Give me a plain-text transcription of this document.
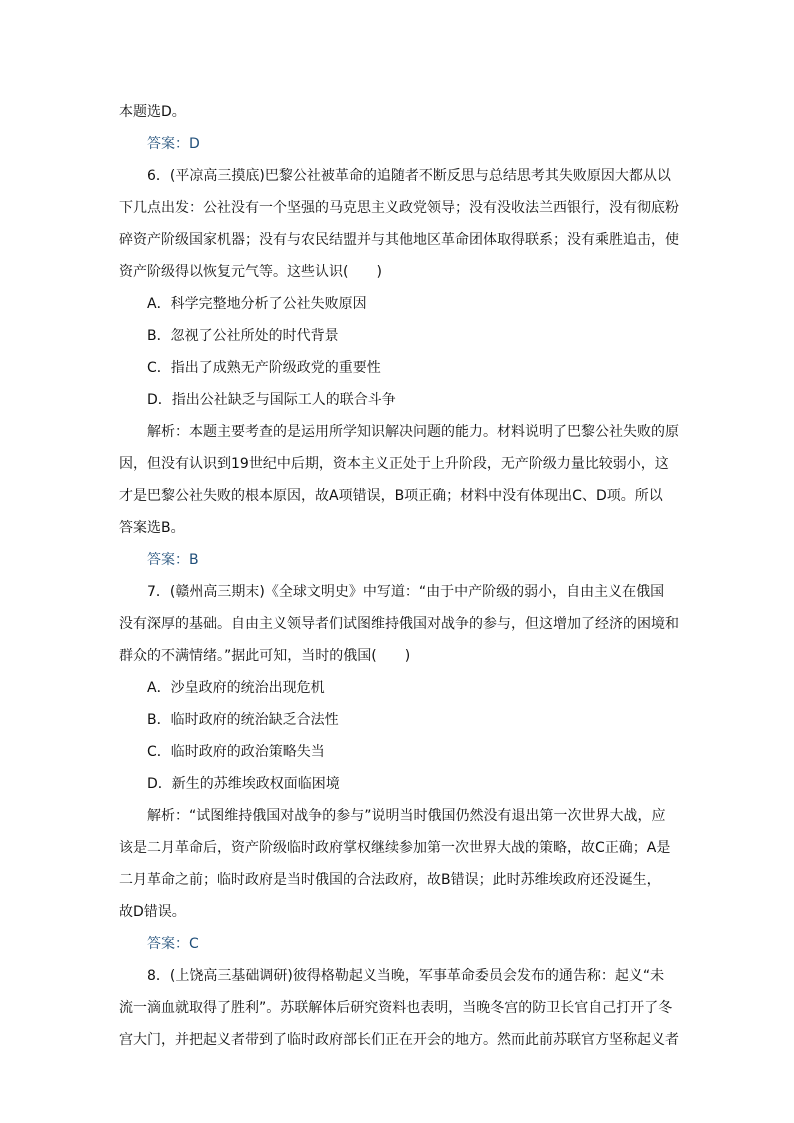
本题选D。
答案：D
6．(平凉高三摸底)巴黎公社被革命的追随者不断反思与总结思考其失败原因大都从以
下几点出发：公社没有一个坚强的马克思主义政党领导；没有没收法兰西银行，没有彻底粉
碎资产阶级国家机器；没有与农民结盟并与其他地区革命团体取得联系；没有乘胜追击，使
资产阶级得以恢复元气等。这些认识(　　)
A．科学完整地分析了公社失败原因
B．忽视了公社所处的时代背景
C．指出了成熟无产阶级政党的重要性
D．指出公社缺乏与国际工人的联合斗争
解析：本题主要考查的是运用所学知识解决问题的能力。材料说明了巴黎公社失败的原
因，但没有认识到19世纪中后期，资本主义正处于上升阶段，无产阶级力量比较弱小，这
才是巴黎公社失败的根本原因，故A项错误，B项正确；材料中没有体现出C、D项。所以
答案选B。
答案：B
7．(赣州高三期末)《全球文明史》中写道：“由于中产阶级的弱小，自由主义在俄国
没有深厚的基础。自由主义领导者们试图维持俄国对战争的参与，但这增加了经济的困境和
群众的不满情绪。”据此可知，当时的俄国(　　)
A．沙皇政府的统治出现危机
B．临时政府的统治缺乏合法性
C．临时政府的政治策略失当
D．新生的苏维埃政权面临困境
解析：“试图维持俄国对战争的参与”说明当时俄国仍然没有退出第一次世界大战，应
该是二月革命后，资产阶级临时政府掌权继续参加第一次世界大战的策略，故C正确；A是
二月革命之前；临时政府是当时俄国的合法政府，故B错误；此时苏维埃政府还没诞生，
故D错误。
答案：C
8．(上饶高三基础调研)彼得格勒起义当晚，军事革命委员会发布的通告称：起义“未
流一滴血就取得了胜利”。苏联解体后研究资料也表明，当晚冬宫的防卫长官自己打开了冬
宫大门，并把起义者带到了临时政府部长们正在开会的地方。然而此前苏联官方坚称起义者
